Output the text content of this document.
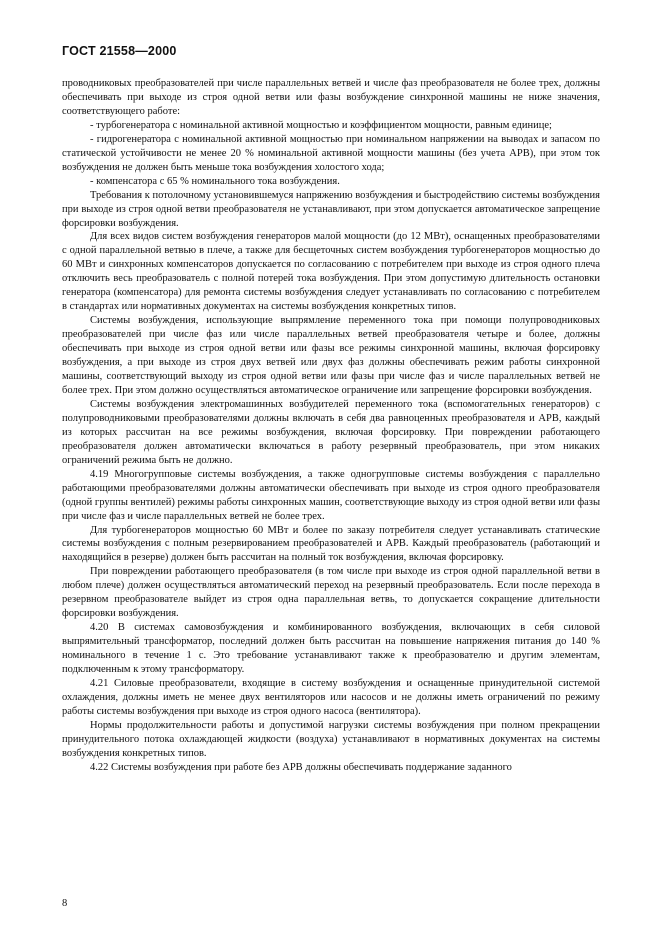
ГОСТ 21558—2000

проводниковых преобразователей при числе параллельных ветвей и числе фаз преобразователя не более трех, должны обеспечивать при выходе из строя одной ветви или фазы возбуждение синхронной машины не ниже значения, соответствующего работе:

- турбогенератора с номинальной активной мощностью и коэффициентом мощности, равным единице;

- гидрогенератора с номинальной активной мощностью при номинальном напряжении на выводах и запасом по статической устойчивости не менее 20 % номинальной активной мощности машины (без учета АРВ), при этом ток возбуждения не должен быть меньше тока возбуждения холостого хода;

- компенсатора с 65 % номинального тока возбуждения.

Требования к потолочному установившемуся напряжению возбуждения и быстродействию системы возбуждения при выходе из строя одной ветви преобразователя не устанавливают, при этом допускается автоматическое запрещение форсировки возбуждения.

Для всех видов систем возбуждения генераторов малой мощности (до 12 МВт), оснащенных преобразователями с одной параллельной ветвью в плече, а также для бесщеточных систем возбуждения турбогенераторов мощностью до 60 МВт и синхронных компенсаторов допускается по согласованию с потребителем при выходе из строя одного плеча отключить весь преобразователь с полной потерей тока возбуждения. При этом допустимую длительность остановки генератора (компенсатора) для ремонта системы возбуждения следует устанавливать по согласованию с потребителем в стандартах или нормативных документах на системы возбуждения конкретных типов.

Системы возбуждения, использующие выпрямление переменного тока при помощи полупроводниковых преобразователей при числе фаз или числе параллельных ветвей преобразователя четыре и более, должны обеспечивать при выходе из строя одной ветви или фазы все режимы синхронной машины, включая форсировку возбуждения, а при выходе из строя двух ветвей или двух фаз должны обеспечивать режим работы синхронной машины, соответствующий выходу из строя одной ветви или фазы при числе фаз и числе параллельных ветвей не более трех. При этом должно осуществляться автоматическое ограничение или запрещение форсировки возбуждения.

Системы возбуждения электромашинных возбудителей переменного тока (вспомогательных генераторов) с полупроводниковыми преобразователями должны включать в себя два равноценных преобразователя и АРВ, каждый из которых рассчитан на все режимы возбуждения, включая форсировку. При повреждении работающего преобразователя должен автоматически включаться в работу резервный преобразователь, при этом никаких ограничений режима быть не должно.

4.19 Многогрупповые системы возбуждения, а также одногрупповые системы возбуждения с параллельно работающими преобразователями должны автоматически обеспечивать при выходе из строя одного преобразователя (одной группы вентилей) режимы работы синхронных машин, соответствующие выходу из строя одной ветви или фазы при числе фаз и числе параллельных ветвей не более трех.

Для турбогенераторов мощностью 60 МВт и более по заказу потребителя следует устанавливать статические системы возбуждения с полным резервированием преобразователей и АРВ. Каждый преобразователь (работающий и находящийся в резерве) должен быть рассчитан на полный ток возбуждения, включая форсировку.

При повреждении работающего преобразователя (в том числе при выходе из строя одной параллельной ветви в любом плече) должен осуществляться автоматический переход на резервный преобразователь. Если после перехода в резервном преобразователе выйдет из строя одна параллельная ветвь, то допускается сокращение длительности форсировки возбуждения.

4.20 В системах самовозбуждения и комбинированного возбуждения, включающих в себя силовой выпрямительный трансформатор, последний должен быть рассчитан на повышение напряжения питания до 140 % номинального в течение 1 с. Это требование устанавливают также к преобразователю и другим элементам, подключенным к этому трансформатору.

4.21 Силовые преобразователи, входящие в систему возбуждения и оснащенные принудительной системой охлаждения, должны иметь не менее двух вентиляторов или насосов и не должны иметь ограничений по режиму работы системы возбуждения при выходе из строя одного насоса (вентилятора).

Нормы продолжительности работы и допустимой нагрузки системы возбуждения при полном прекращении принудительного потока охлаждающей жидкости (воздуха) устанавливают в нормативных документах на системы возбуждения конкретных типов.

4.22 Системы возбуждения при работе без АРВ должны обеспечивать поддержание заданного

8
